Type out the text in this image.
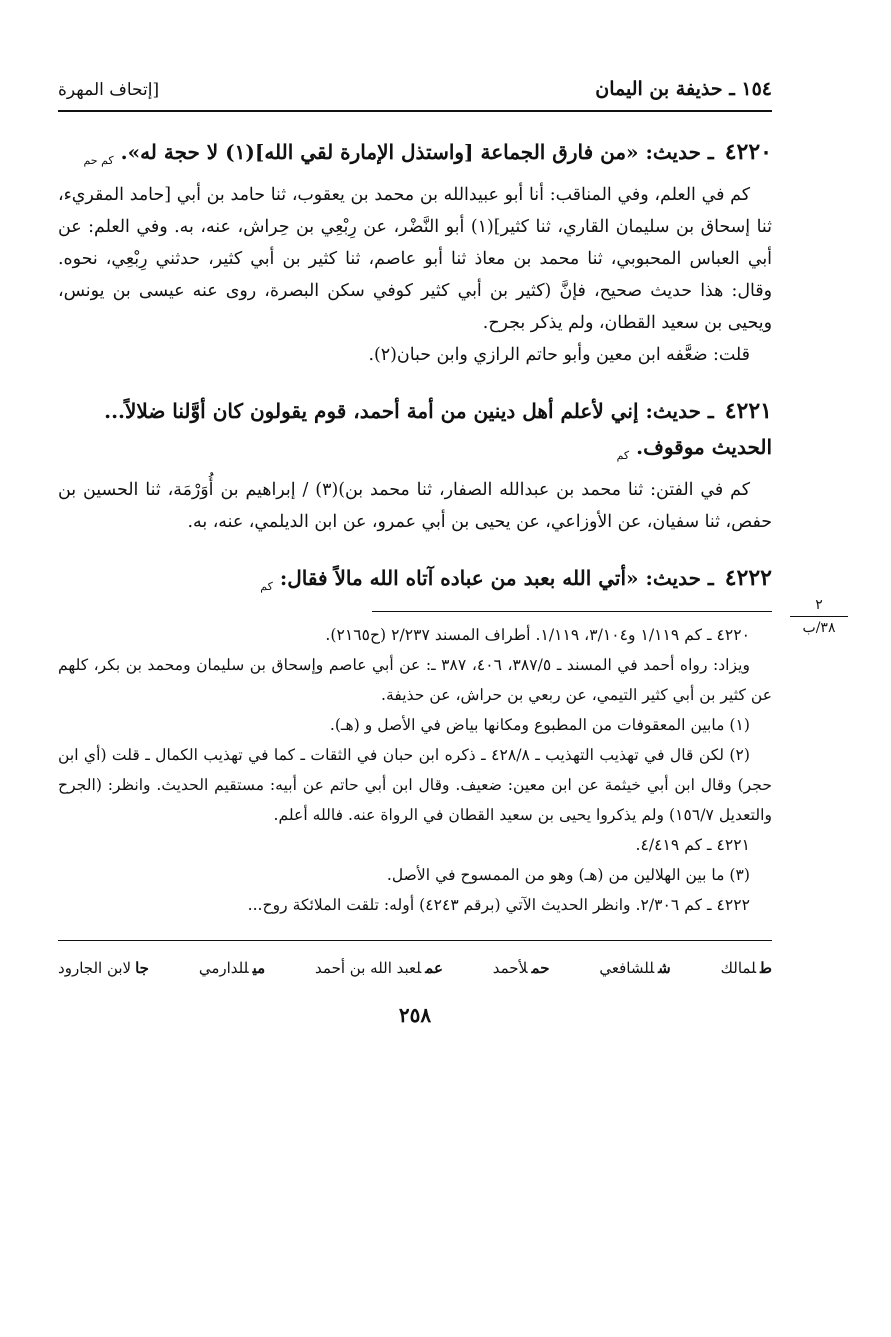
١٥٤ ـ حذيفة بن اليمان
[إتحاف المهرة
٤٢٢٠ ـ حديث: «من فارق الجماعة [واستذل الإمارة لقي الله](١) لا حجة له». $_{كم حم}$

كم في العلم، وفي المناقب: أنا أبو عبيدالله بن محمد بن يعقوب، ثنا حامد بن أبي [حامد المقريء، ثنا إسحاق بن سليمان القاري، ثنا كثير](١) أبو النَّضْر، عن رِبْعِي بن حِراش، عنه، به. وفي العلم: عن أبي العباس المحبوبي، ثنا محمد بن معاذ ثنا أبو عاصم، ثنا كثير بن أبي كثير، حدثني رِبْعِي، نحوه. وقال: هذا حديث صحيح، فإنَّ (كثير بن أبي كثير كوفي سكن البصرة، روى عنه عيسى بن يونس، ويحيى بن سعيد القطان، ولم يذكر بجرح.

قلت: ضعَّفه ابن معين وأبو حاتم الرازي وابن حبان(٢).

٤٢٢١ ـ حديث: إني لأعلم أهل دينين من أمة أحمد، قوم يقولون كان أوَّلنا ضلالاً... الحديث موقوف. $_{كم}$

كم في الفتن: ثنا محمد بن عبدالله الصفار، ثنا محمد بن)(٣) / إبراهيم بن أُوَرْمَة، ثنا الحسين بن حفص، ثنا سفيان، عن الأوزاعي، عن يحيى بن أبي عمرو، عن ابن الديلمي، عنه، به.

٤٢٢٢ ـ حديث: «أتي الله بعبد من عباده آتاه الله مالاً فقال: $_{كم}$

٤٢٢٠ ـ كم ١/١١٩ و٣/١٠٤، ١/١١٩. أطراف المسند ٢/٢٣٧ (ح٢١٦٥).

ويزاد: رواه أحمد في المسند ـ ٣٨٧/٥، ٤٠٦، ٣٨٧ ـ: عن أبي عاصم وإسحاق بن سليمان ومحمد بن بكر، كلهم عن كثير بن أبي كثير التيمي، عن ربعي بن حراش، عن حذيفة.

(١) مابين المعقوفات من المطبوع ومكانها بياض في الأصل و (هـ).

(٢) لكن قال في تهذيب التهذيب ـ ٤٢٨/٨ ـ ذكره ابن حبان في الثقات ـ كما في تهذيب الكمال ـ قلت (أي ابن حجر) وقال ابن أبي خيثمة عن ابن معين: ضعيف. وقال ابن أبي حاتم عن أبيه: مستقيم الحديث. وانظر: (الجرح والتعديل ١٥٦/٧) ولم يذكروا يحيى بن سعيد القطان في الرواة عنه. فالله أعلم.

٤٢٢١ ـ كم ٤/٤١٩.

(٣) ما بين الهلالين من (هـ) وهو من الممسوح في الأصل.

٤٢٢٢ ـ كم ٢/٣٠٦. وانظر الحديث الآتي (برقم ٤٢٤٣) أوله: تلقت الملائكة روح...

طلمالك
شللشافعي
حملأحمد
عملعبد الله بن أحمد
ميللدارمي
جالابن الجارود
٢٥٨
٢
٣٨/ب
